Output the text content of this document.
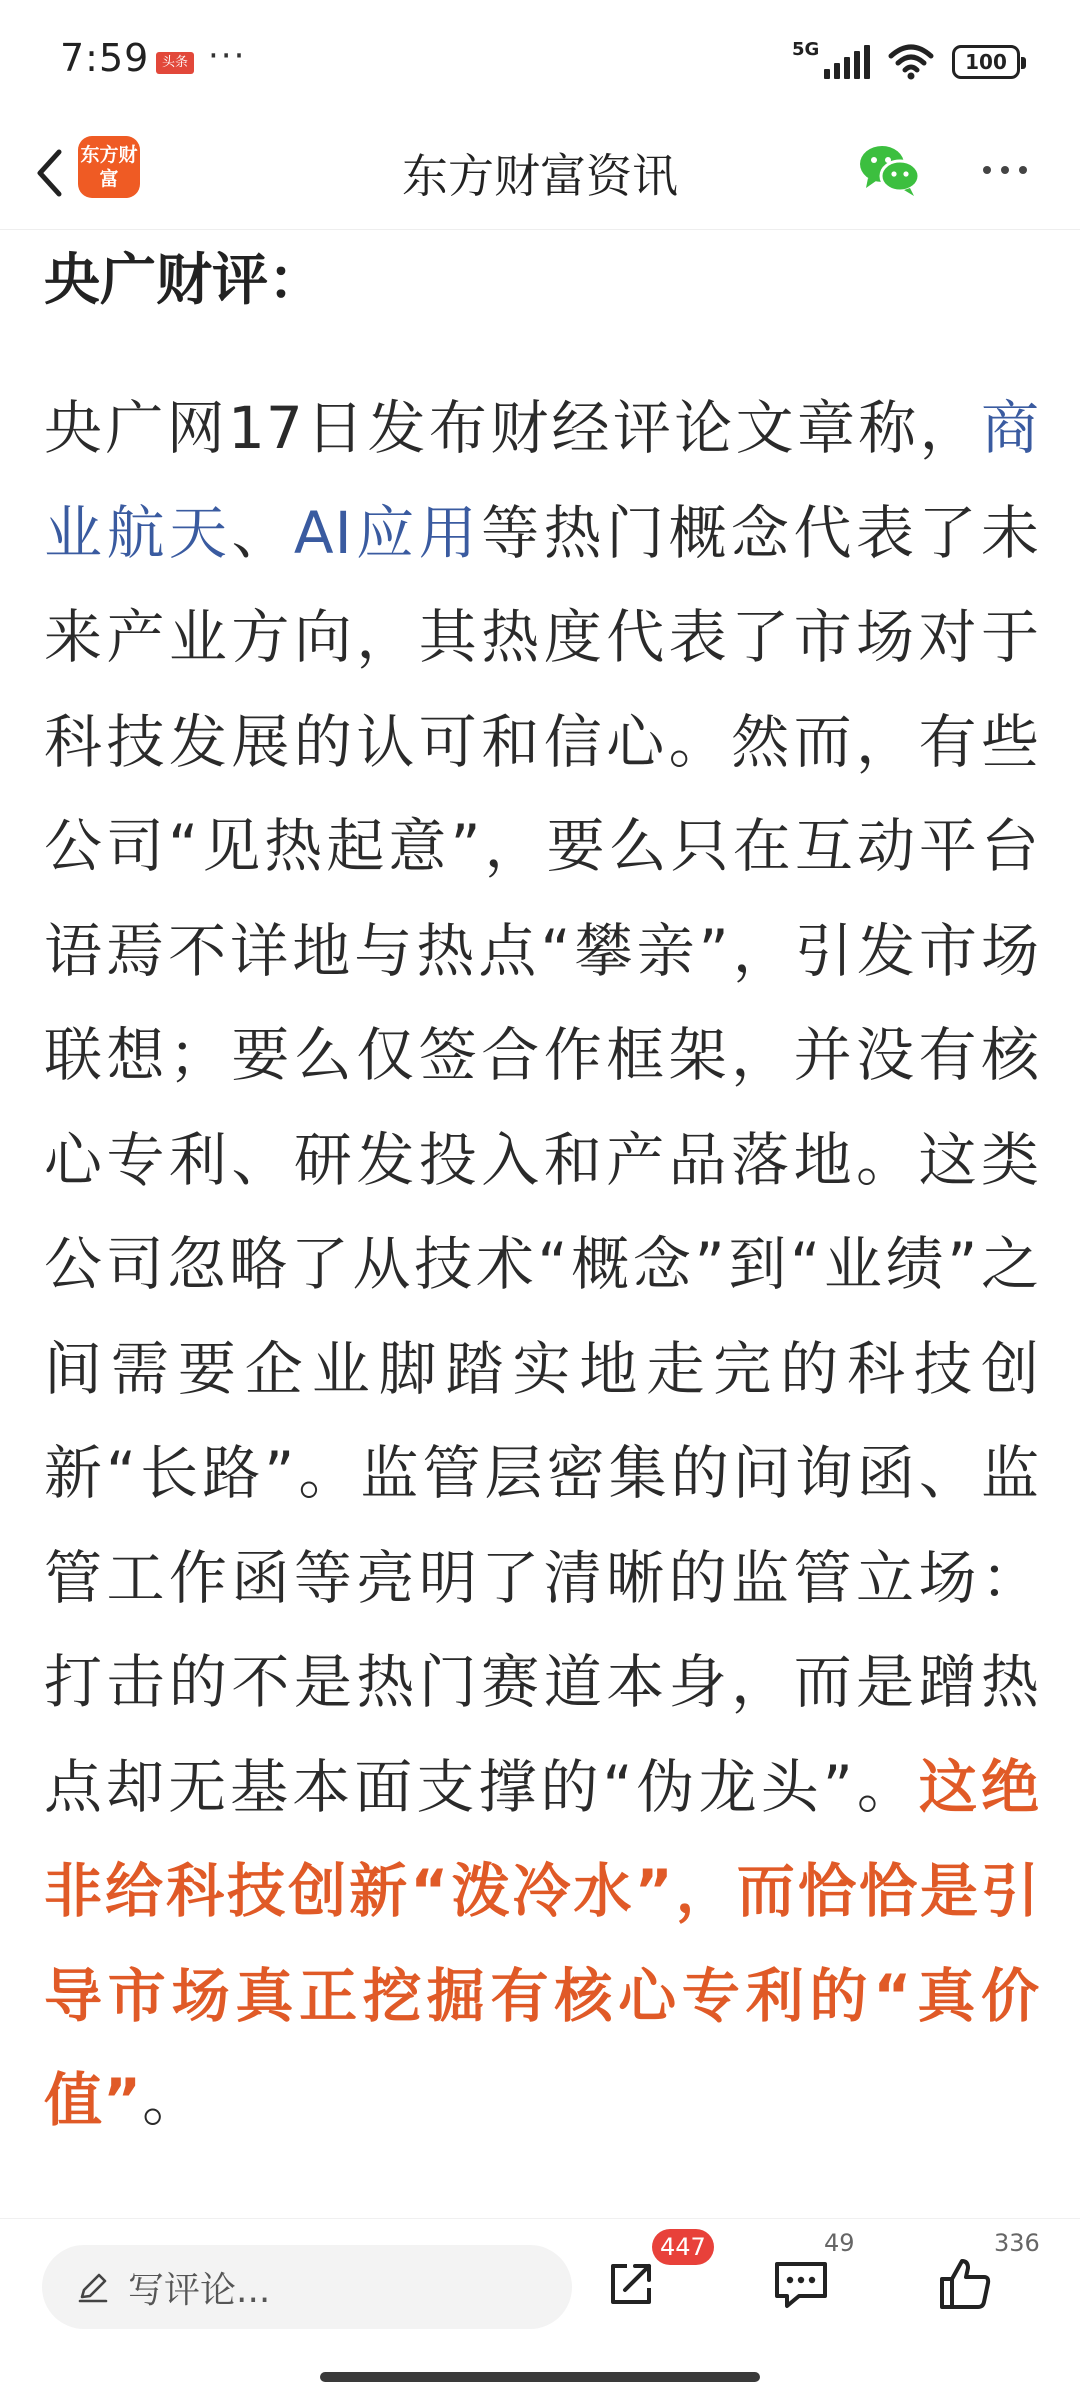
7:59 头条 ···	5G
100
东方财富	东方财富资讯
央广财评：
央广网17日发布财经评论文章称，商业航天、AI应用等热门概念代表了未来产业方向，其热度代表了市场对于科技发展的认可和信心。然而，有些公司“见热起意”，要么只在互动平台语焉不详地与热点“攀亲”，引发市场联想；要么仅签合作框架，并没有核心专利、研发投入和产品落地。这类公司忽略了从技术“概念”到“业绩”之间需要企业脚踏实地走完的科技创新“长路”。监管层密集的问询函、监管工作函等亮明了清晰的监管立场：打击的不是热门赛道本身，而是蹭热点却无基本面支撑的“伪龙头”。这绝非给科技创新“泼冷水”，而恰恰是引导市场真正挖掘有核心专利的“真价值”。
写评论...
447	49	336
